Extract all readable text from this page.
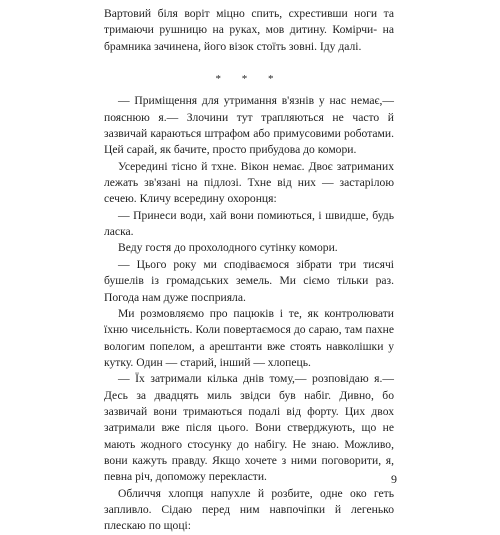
Вартовий біля воріт міцно спить, схрестивши ноги та тримаючи рушницю на руках, мов дитину. Комірчи- на брамника зачинена, його візок стоїть зовні. Іду далі.

* * *

— Приміщення для утримання в'язнів у нас немає,— пояснюю я.— Злочини тут трапляються не часто й зазвичай караються штрафом або примусовими роботами. Цей сарай, як бачите, просто прибудова до комори.

Усередині тісно й тхне. Вікон немає. Двоє затриманих лежать зв'язані на підлозі. Тхне від них — застарілою сечею. Кличу всередину охоронця:

— Принеси води, хай вони помиються, і швидше, будь ласка.

Веду гостя до прохолодного сутінку комори.

— Цього року ми сподіваємося зібрати три тисячі бушелів із громадських земель. Ми сіємо тільки раз. Погода нам дуже посприяла.

Ми розмовляємо про пацюків і те, як контролювати їхню чисельність. Коли повертаємося до сараю, там пахне вологим попелом, а арештанти вже стоять навколішки у кутку. Один — старий, інший — хлопець.

— Їх затримали кілька днів тому,— розповідаю я.— Десь за двадцять миль звідси був набіг. Дивно, бо зазвичай вони тримаються подалі від форту. Цих двох затримали вже після цього. Вони стверджують, що не мають жодного стосунку до набігу. Не знаю. Можливо, вони кажуть правду. Якщо хочете з ними поговорити, я, певна річ, допоможу перекласти.

Обличчя хлопця напухле й розбите, одне око геть запливло. Сідаю перед ним навпочіпки й легенько плескаю по щоці:

9
